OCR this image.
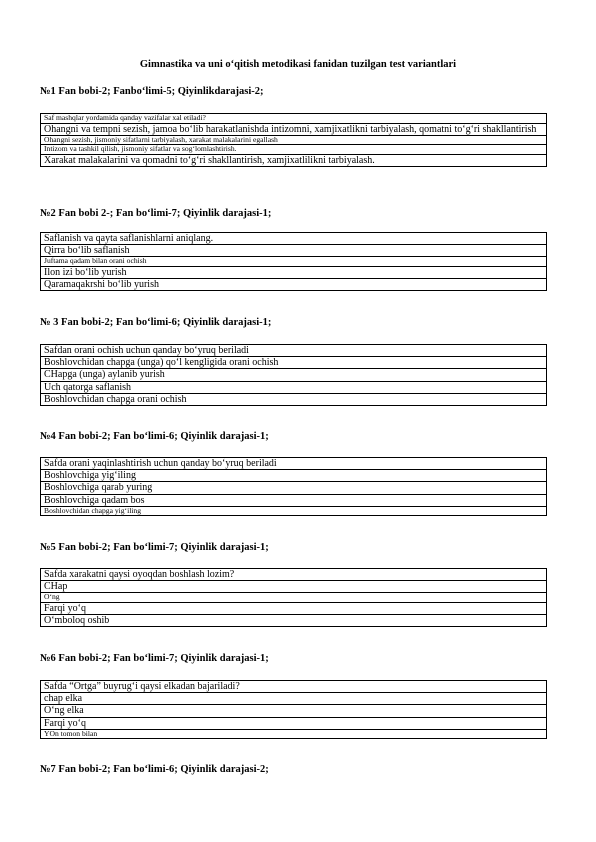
Gimnastika va uni o‘qitish metodikasi fanidan tuzilgan test variantlari

№1 Fan bobi-2; Fanbo‘limi-5; Qiyinlikdarajasi-2;

Saf mashqlar yordamida qanday vazifalar xal etiladi?
Ohangni va tempni sezish, jamoa bo‘lib harakatlanishda intizomni, xamjixatlikni tarbiyalash, qomatni to‘g‘ri shakllantirish
Ohangni sezish, jismoniy sifatlarni tarbiyalash, xarakat malakalarini egallash
Intizom va tashkil qilish, jismoniy sifatlar va sog‘lomlashtirish.
Xarakat malakalarini va qomadni to‘g‘ri shakllantirish, xamjixatlilikni tarbiyalash.

№2 Fan bobi 2-; Fan bo‘limi-7; Qiyinlik darajasi-1;

Saflanish va qayta saflanishlarni aniqlang.
Qirra bo‘lib saflanish
Juftama qadam bilan orani ochish
Ilon izi bo‘lib yurish
Qaramaqakrshi bo‘lib yurish

№ 3 Fan bobi-2; Fan bo‘limi-6; Qiyinlik darajasi-1;

Safdan orani ochish uchun qanday bo‘yruq beriladi
Boshlovchidan chapga (unga) qo‘l kengligida orani ochish
CHapga (unga) aylanib yurish
Uch qatorga saflanish
Boshlovchidan chapga orani ochish

№4 Fan bobi-2; Fan bo‘limi-6; Qiyinlik darajasi-1;

Safda orani yaqinlashtirish uchun qanday bo‘yruq beriladi
Boshlovchiga yig‘iling
Boshlovchiga qarab yuring
Boshlovchiga qadam bos
Boshlovchidan chapga yig‘iling

№5 Fan bobi-2; Fan bo‘limi-7; Qiyinlik darajasi-1;

Safda xarakatni qaysi oyoqdan boshlash lozim?
CHap
O‘ng
Farqi yo‘q
O‘mboloq oshib

№6 Fan bobi-2; Fan bo‘limi-7; Qiyinlik darajasi-1;

Safda “Ortga” buyrug‘i qaysi elkadan bajariladi?
chap elka
O‘ng elka
Farqi yo‘q
YOn tomon bilan

№7 Fan bobi-2; Fan bo‘limi-6; Qiyinlik darajasi-2;
